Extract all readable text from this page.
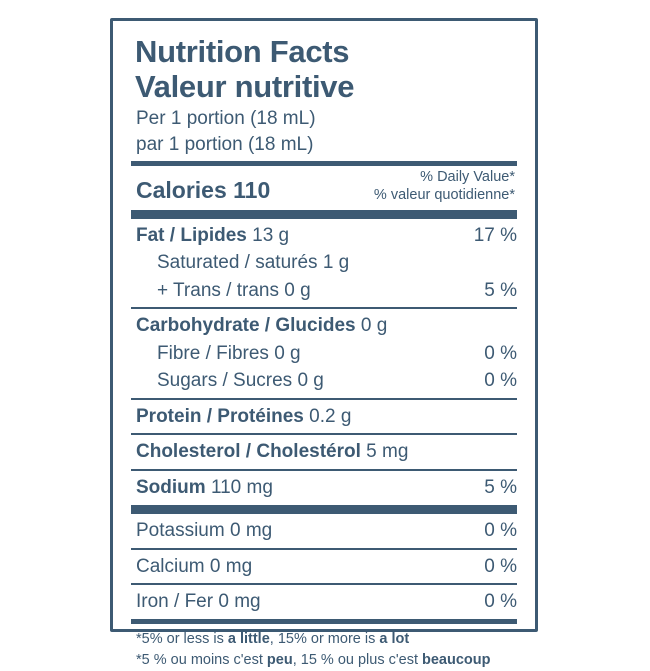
Nutrition Facts
Valeur nutritive
Per 1 portion (18 mL)
par 1 portion (18 mL)
Calories 110
% Daily Value*
% valeur quotidienne*
Fat / Lipides 13 g	17 %
Saturated / saturés 1 g
+ Trans / trans 0 g	5 %
Carbohydrate / Glucides 0 g
Fibre / Fibres 0 g	0 %
Sugars / Sucres 0 g	0 %
Protein / Protéines 0.2 g
Cholesterol / Cholestérol 5 mg
Sodium 110 mg	5 %
Potassium 0 mg	0 %
Calcium 0 mg	0 %
Iron / Fer 0 mg	0 %
*5% or less is a little, 15% or more is a lot
*5 % ou moins c'est peu, 15 % ou plus c'est beaucoup
